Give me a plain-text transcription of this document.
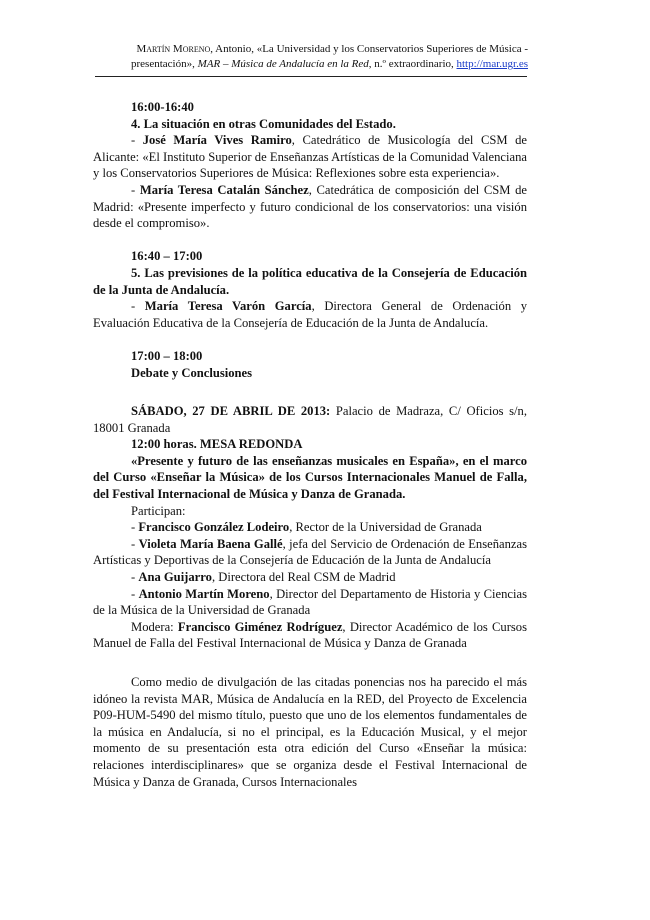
Martín Moreno, Antonio, «La Universidad y los Conservatorios Superiores de Música - presentación», MAR – Música de Andalucía en la Red, n.º extraordinario, http://mar.ugr.es

16:00-16:40

4. La situación en otras Comunidades del Estado.

- José María Vives Ramiro, Catedrático de Musicología del CSM de Alicante: «El Instituto Superior de Enseñanzas Artísticas de la Comunidad Valenciana y los Conservatorios Superiores de Música: Reflexiones sobre esta experiencia».

- María Teresa Catalán Sánchez, Catedrática de composición del CSM de Madrid: «Presente imperfecto y futuro condicional de los conservatorios: una visión desde el compromiso».

16:40 – 17:00

5. Las previsiones de la política educativa de la Consejería de Educación de la Junta de Andalucía.

- María Teresa Varón García, Directora General de Ordenación y Evaluación Educativa de la Consejería de Educación de la Junta de Andalucía.

17:00 – 18:00

Debate y Conclusiones

SÁBADO, 27 DE ABRIL DE 2013: Palacio de Madraza, C/ Oficios s/n, 18001 Granada

12:00 horas. MESA REDONDA

«Presente y futuro de las enseñanzas musicales en España», en el marco del Curso «Enseñar la Música» de los Cursos Internacionales Manuel de Falla, del Festival Internacional de Música y Danza de Granada.

Participan:

- Francisco González Lodeiro, Rector de la Universidad de Granada

- Violeta María Baena Gallé, jefa del Servicio de Ordenación de Enseñanzas Artísticas y Deportivas de la Consejería de Educación de la Junta de Andalucía

- Ana Guijarro, Directora del Real CSM de Madrid

- Antonio Martín Moreno, Director del Departamento de Historia y Ciencias de la Música de la Universidad de Granada

Modera: Francisco Giménez Rodríguez, Director Académico de los Cursos Manuel de Falla del Festival Internacional de Música y Danza de Granada

Como medio de divulgación de las citadas ponencias nos ha parecido el más idóneo la revista MAR, Música de Andalucía en la RED, del Proyecto de Excelencia P09-HUM-5490 del mismo título, puesto que uno de los elementos fundamentales de la música en Andalucía, si no el principal, es la Educación Musical, y el mejor momento de su presentación esta otra edición del Curso «Enseñar la música: relaciones interdisciplinares» que se organiza desde el Festival Internacional de Música y Danza de Granada, Cursos Internacionales
